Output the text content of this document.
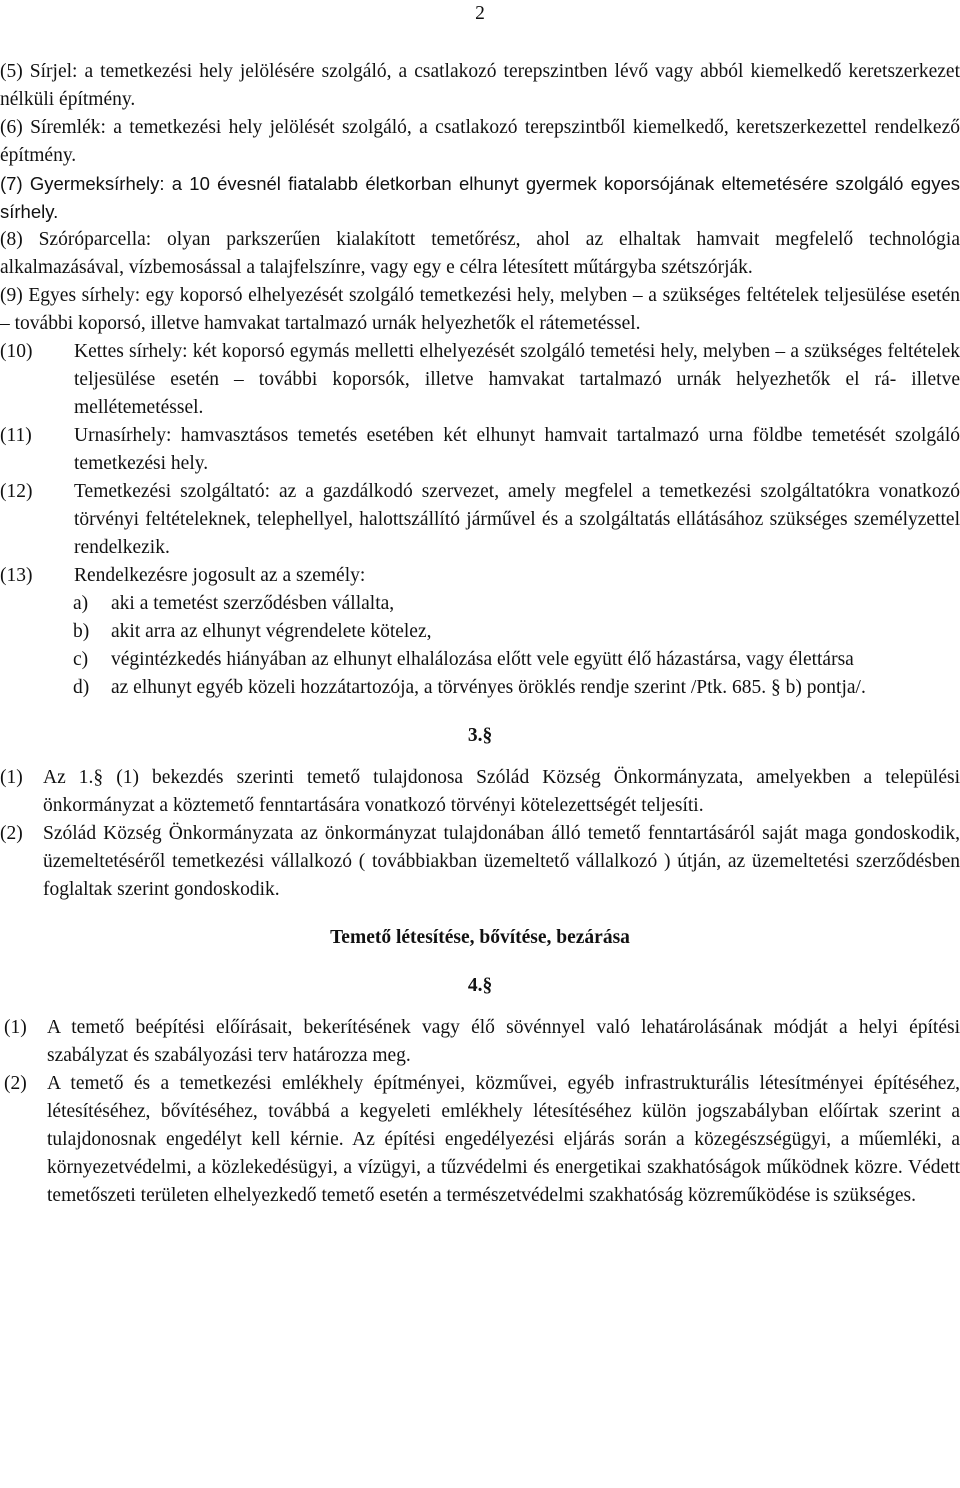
2

(5) Sírjel: a temetkezési hely jelölésére szolgáló, a csatlakozó terepszintben lévő vagy abból kiemelkedő keretszerkezet nélküli építmény.

(6) Síremlék: a temetkezési hely jelölését szolgáló, a csatlakozó terepszintből kiemelkedő, keretszerkezettel rendelkező építmény.

(7) Gyermeksírhely: a 10 évesnél fiatalabb életkorban elhunyt gyermek koporsójának eltemetésére szolgáló egyes sírhely.

(8) Szóróparcella: olyan parkszerűen kialakított temetőrész, ahol az elhaltak hamvait megfelelő technológia alkalmazásával, vízbemosással a talajfelszínre, vagy egy e célra létesített műtárgyba szétszórják.

(9) Egyes sírhely: egy koporsó elhelyezését szolgáló temetkezési hely, melyben – a szükséges feltételek teljesülése esetén – további koporsó, illetve hamvakat tartalmazó urnák helyezhetők el rátemetéssel.

(10)	Kettes sírhely: két koporsó egymás melletti elhelyezését szolgáló temetési hely, melyben – a szükséges feltételek teljesülése esetén – további koporsók, illetve hamvakat tartalmazó urnák helyezhetők el rá- illetve mellétemetéssel.

(11)	Urnasírhely: hamvasztásos temetés esetében két elhunyt hamvait tartalmazó urna földbe temetését szolgáló temetkezési hely.

(12)	Temetkezési szolgáltató: az a gazdálkodó szervezet, amely megfelel a temetkezési szolgáltatókra vonatkozó törvényi feltételeknek, telephellyel, halottszállító járművel és a szolgáltatás ellátásához szükséges személyzettel rendelkezik.

(13)	Rendelkezésre jogosult az a személy:

a)	aki a temetést szerződésben vállalta,
b)	akit arra az elhunyt végrendelete kötelez,
c)	végintézkedés hiányában az elhunyt elhalálozása előtt vele együtt élő házastársa, vagy élettársa
d)	az elhunyt egyéb közeli hozzátartozója, a törvényes öröklés rendje szerint /Ptk. 685. § b) pontja/.
3.§
(1)	Az 1.§ (1) bekezdés szerinti temető tulajdonosa Szólád Község Önkormányzata, amelyekben a települési önkormányzat a köztemető fenntartására vonatkozó törvényi kötelezettségét teljesíti.

(2)	Szólád Község Önkormányzata az önkormányzat tulajdonában álló temető fenntartásáról saját maga gondoskodik, üzemeltetéséről temetkezési vállalkozó ( továbbiakban üzemeltető vállalkozó ) útján, az üzemeltetési szerződésben foglaltak szerint gondoskodik.

Temető létesítése, bővítése, bezárása
4.§
(1)	A temető beépítési előírásait, bekerítésének vagy élő sövénnyel való lehatárolásának módját a helyi építési szabályzat és szabályozási terv határozza meg.

(2)	A temető és a temetkezési emlékhely építményei, közművei, egyéb infrastrukturális létesítményei építéséhez, létesítéséhez, bővítéséhez, továbbá a kegyeleti emlékhely létesítéséhez külön jogszabályban előírtak szerint a tulajdonosnak engedélyt kell kérnie. Az építési engedélyezési eljárás során a közegészségügyi, a műemléki, a környezetvédelmi, a közlekedésügyi, a vízügyi, a tűzvédelmi és energetikai szakhatóságok működnek közre. Védett temetőszeti területen elhelyezkedő temető esetén a természetvédelmi szakhatóság közreműködése is szükséges.
